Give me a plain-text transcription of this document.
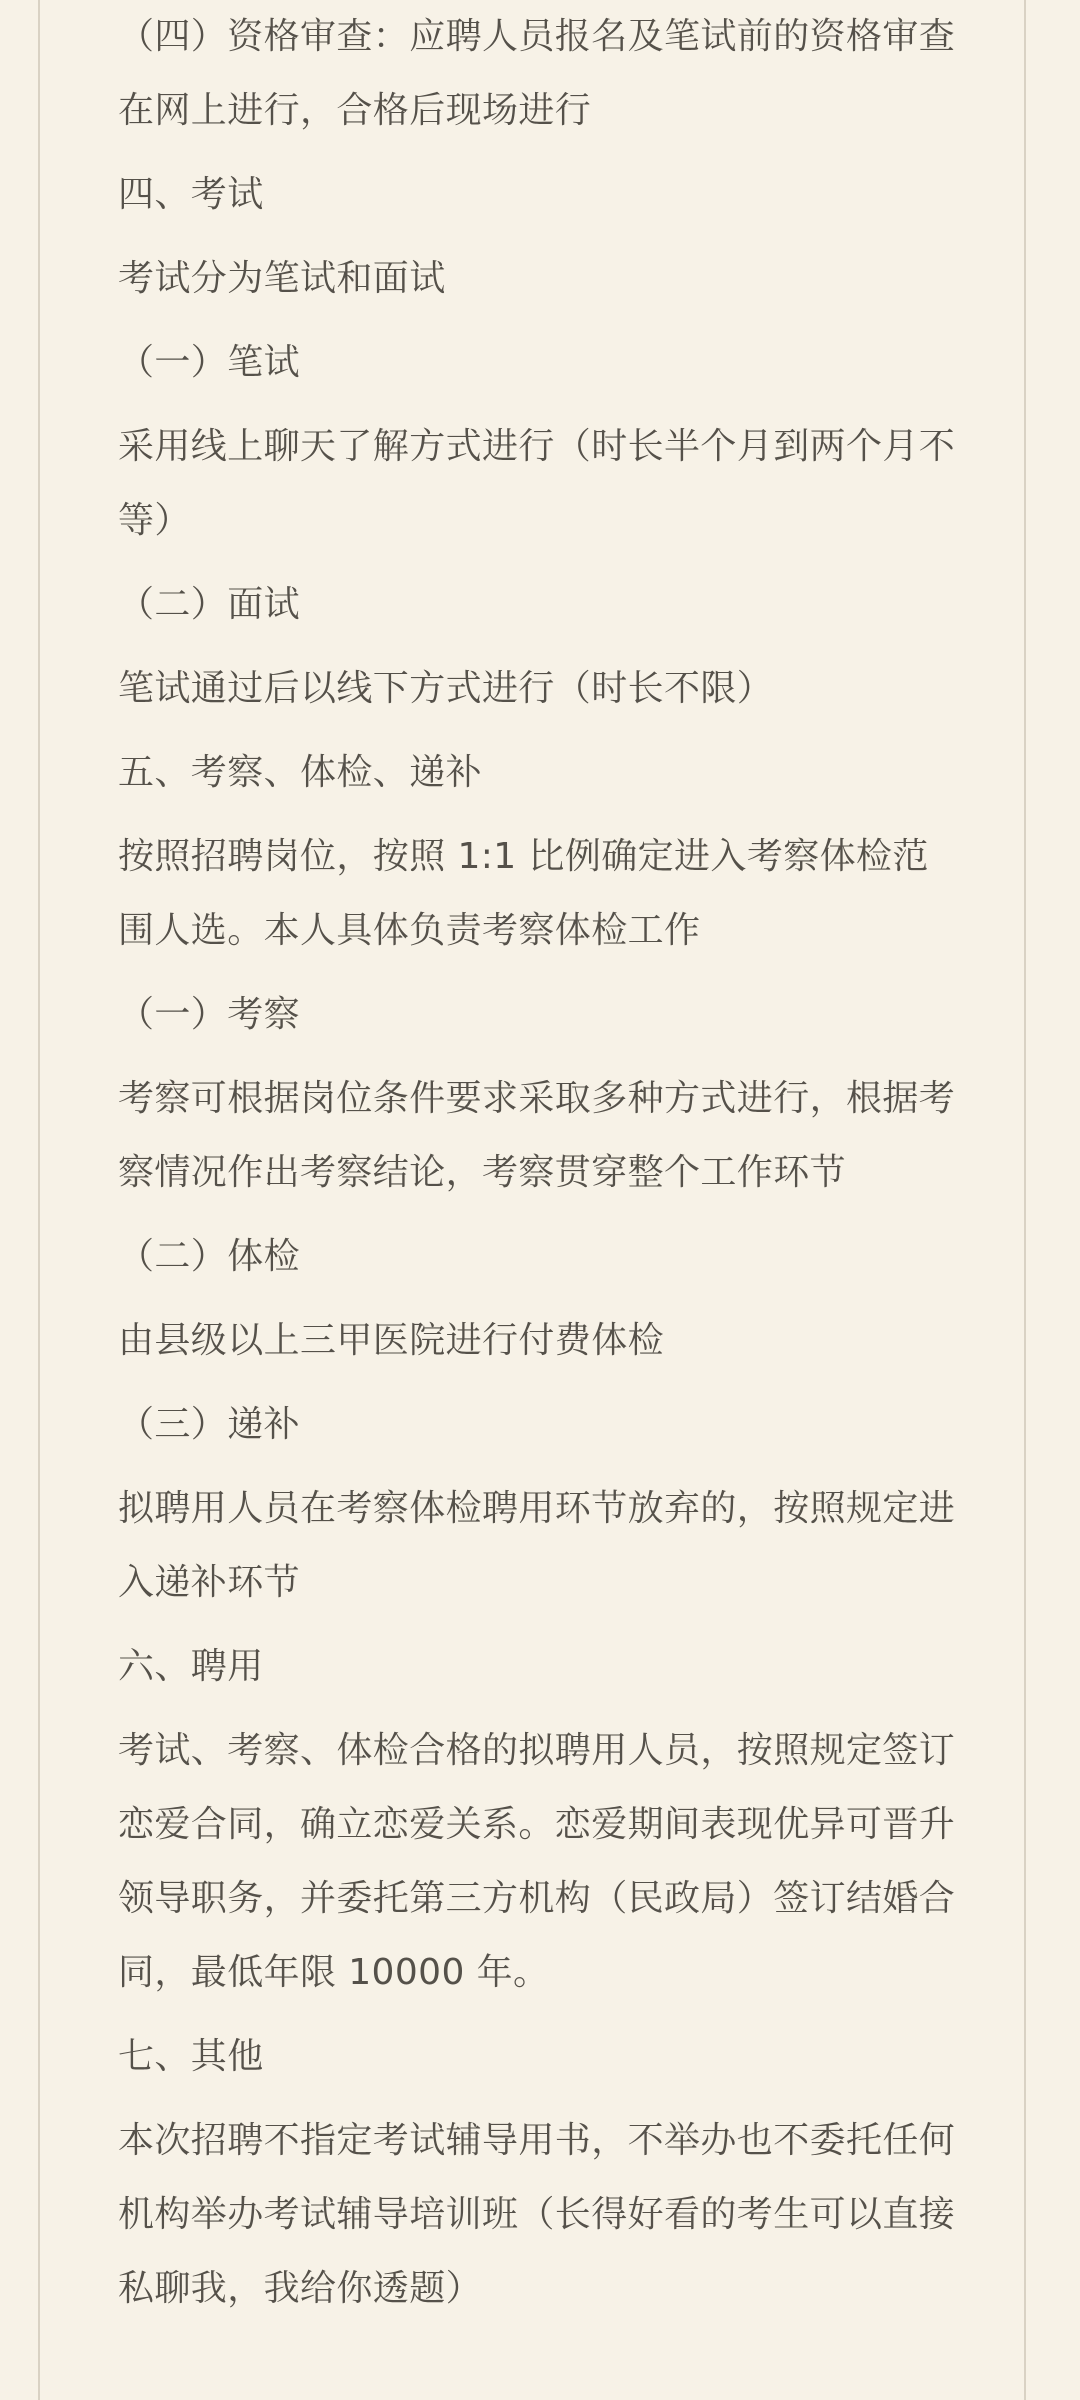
（四）资格审查：应聘人员报名及笔试前的资格审查在网上进行，合格后现场进行

四、考试

考试分为笔试和面试

（一）笔试

采用线上聊天了解方式进行（时长半个月到两个月不等）

（二）面试

笔试通过后以线下方式进行（时长不限）

五、考察、体检、递补

按照招聘岗位，按照 1:1 比例确定进入考察体检范围人选。本人具体负责考察体检工作

（一）考察

考察可根据岗位条件要求采取多种方式进行，根据考察情况作出考察结论，考察贯穿整个工作环节

（二）体检

由县级以上三甲医院进行付费体检

（三）递补

拟聘用人员在考察体检聘用环节放弃的，按照规定进入递补环节

六、聘用

考试、考察、体检合格的拟聘用人员，按照规定签订恋爱合同，确立恋爱关系。恋爱期间表现优异可晋升领导职务，并委托第三方机构（民政局）签订结婚合同，最低年限 10000 年。

七、其他

本次招聘不指定考试辅导用书，不举办也不委托任何机构举办考试辅导培训班（长得好看的考生可以直接私聊我，我给你透题）
